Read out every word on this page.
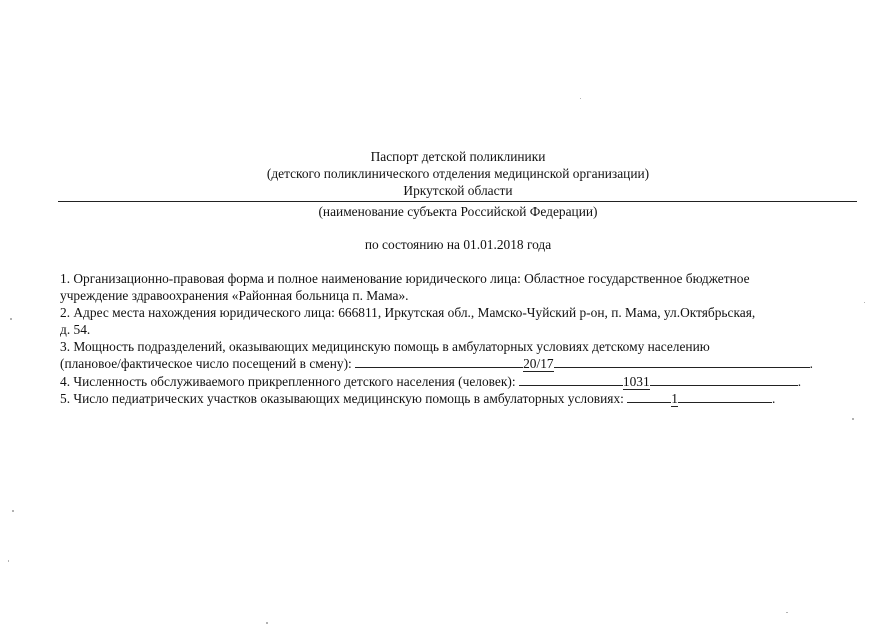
Паспорт детской поликлиники
(детского поликлинического отделения медицинской организации)
Иркутской области
(наименование субъекта Российской Федерации)
по состоянию на 01.01.2018 года
1. Организационно-правовая форма и полное наименование юридического лица: Областное государственное бюджетное
учреждение здравоохранения «Районная больница п. Мама».
2. Адрес места нахождения юридического лица: 666811, Иркутская обл., Мамско-Чуйский р-он, п. Мама, ул.Октябрьская,
д. 54.
3. Мощность подразделений, оказывающих медицинскую помощь в амбулаторных условиях детскому населению
(плановое/фактическое число посещений в смену):	20/17	.
4. Численность обслуживаемого прикрепленного детского населения (человек):	1031	.
5. Число педиатрических участков оказывающих медицинскую помощь в амбулаторных условиях:	1	.
